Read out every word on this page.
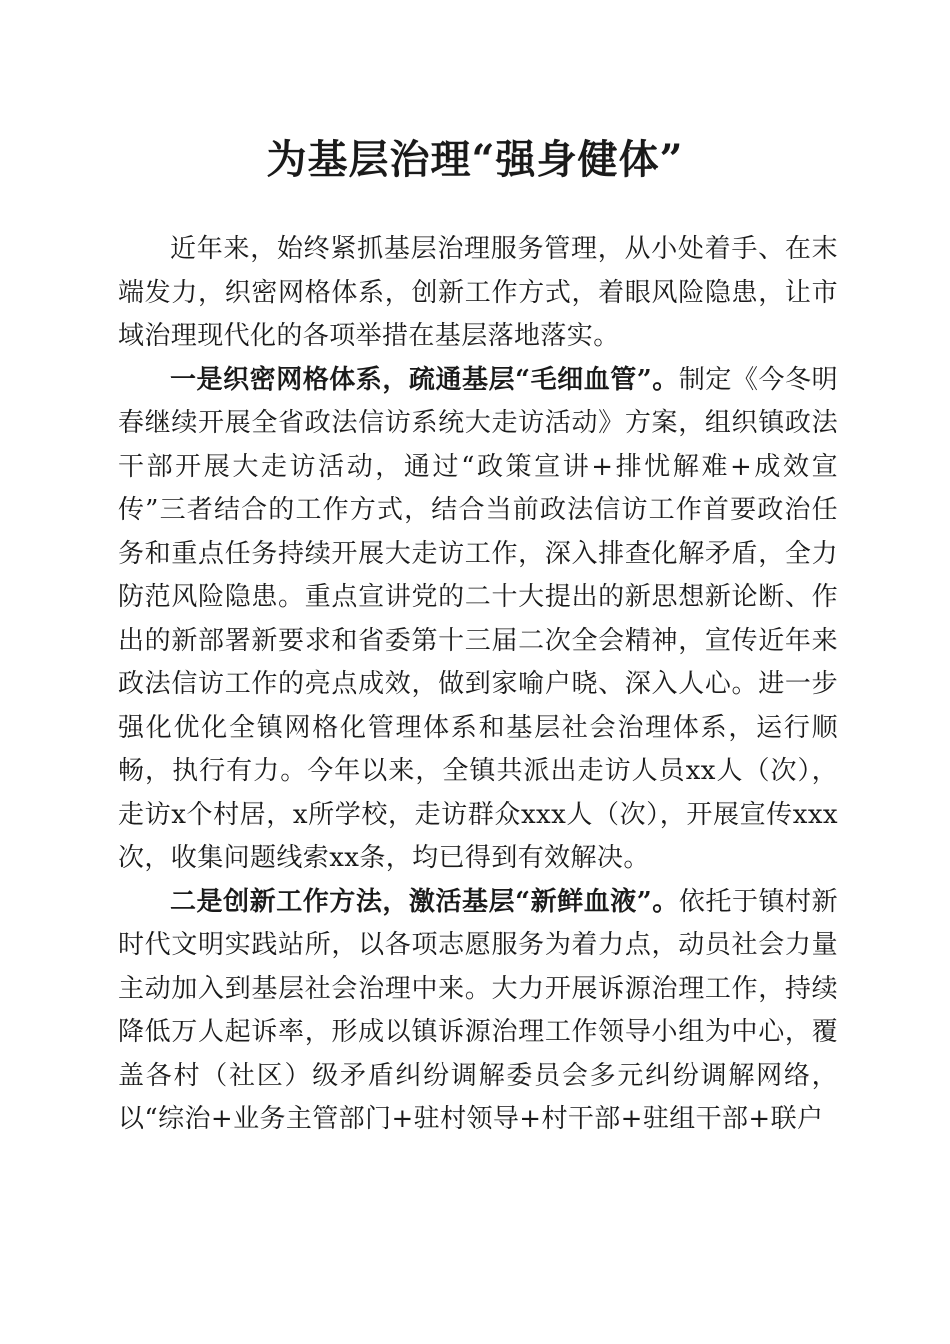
为基层治理“强身健体”

近年来，始终紧抓基层治理服务管理，从小处着手、在末端发力，织密网格体系，创新工作方式，着眼风险隐患，让市域治理现代化的各项举措在基层落地落实。

一是织密网格体系，疏通基层“毛细血管”。制定《今冬明春继续开展全省政法信访系统大走访活动》方案，组织镇政法干部开展大走访活动，通过“政策宣讲+排忧解难+成效宣传”三者结合的工作方式，结合当前政法信访工作首要政治任务和重点任务持续开展大走访工作，深入排查化解矛盾，全力防范风险隐患。重点宣讲党的二十大提出的新思想新论断、作出的新部署新要求和省委第十三届二次全会精神，宣传近年来政法信访工作的亮点成效，做到家喻户晓、深入人心。进一步强化优化全镇网格化管理体系和基层社会治理体系，运行顺畅，执行有力。今年以来，全镇共派出走访人员xx人（次），走访x个村居，x所学校，走访群众xxx人（次），开展宣传xxx次，收集问题线索xx条，均已得到有效解决。

二是创新工作方法，激活基层“新鲜血液”。依托于镇村新时代文明实践站所，以各项志愿服务为着力点，动员社会力量主动加入到基层社会治理中来。大力开展诉源治理工作，持续降低万人起诉率，形成以镇诉源治理工作领导小组为中心，覆盖各村（社区）级矛盾纠纷调解委员会多元纠纷调解网络，以“综治+业务主管部门+驻村领导+村干部+驻组干部+联户
